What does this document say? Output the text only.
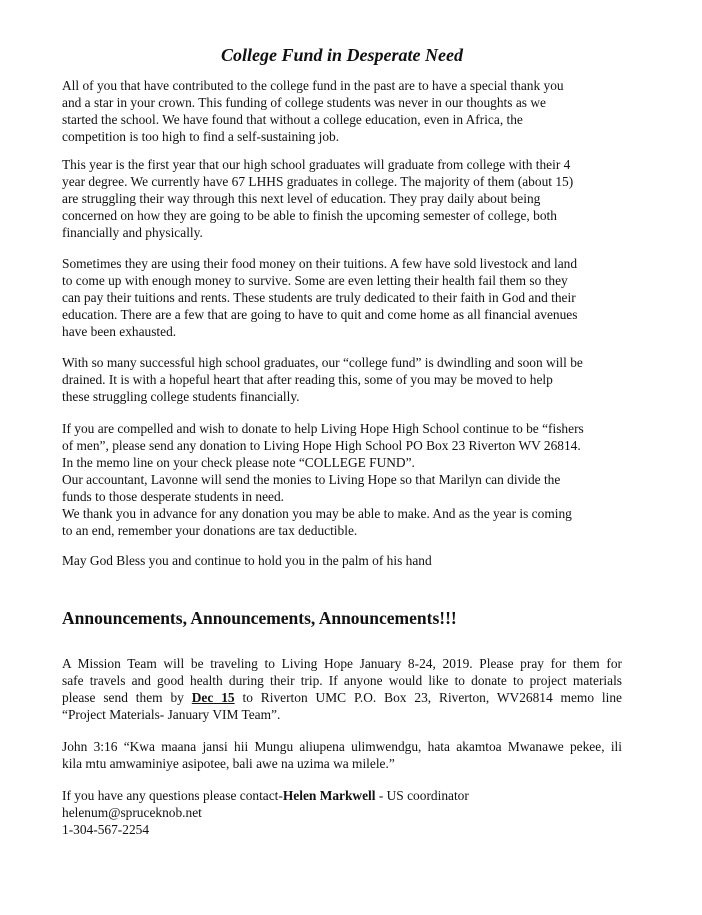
College Fund in Desperate Need
All of you that have contributed to the college fund in the past are to have a special thank you
and a star in your crown. This funding of college students was never in our thoughts as we
started the school. We have found that without a college education, even in Africa, the
competition is too high to find a self-sustaining job.
This year is the first year that our high school graduates will graduate from college with their 4
year degree. We currently have 67 LHHS graduates in college. The majority of them (about 15)
are struggling their way through this next level of education. They pray daily about being
concerned on how they are going to be able to finish the upcoming semester of college, both
financially and physically.
Sometimes they are using their food money on their tuitions. A few have sold livestock and land
to come up with enough money to survive. Some are even letting their health fail them so they
can pay their tuitions and rents. These students are truly dedicated to their faith in God and their
education. There are a few that are going to have to quit and come home as all financial avenues
have been exhausted.
With so many successful high school graduates, our “college fund” is dwindling and soon will be
drained. It is with a hopeful heart that after reading this, some of you may be moved to help
these struggling college students financially.
If you are compelled and wish to donate to help Living Hope High School continue to be “fishers
of men”, please send any donation to Living Hope High School PO Box 23 Riverton WV 26814.
In the memo line on your check please note “COLLEGE FUND”.
Our accountant, Lavonne will send the monies to Living Hope so that Marilyn can divide the
funds to those desperate students in need.
We thank you in advance for any donation you may be able to make. And as the year is coming
to an end, remember your donations are tax deductible.
May God Bless you and continue to hold you in the palm of his hand
Announcements, Announcements, Announcements!!!
A Mission Team will be traveling to Living Hope January 8-24, 2019. Please pray for them for
safe travels and good health during their trip. If anyone would like to donate to project materials
please send them by Dec 15 to Riverton UMC P.O. Box 23, Riverton, WV26814 memo line
“Project Materials- January VIM Team”.
John 3:16 “Kwa maana jansi hii Mungu aliupena ulimwendgu, hata akamtoa Mwanawe pekee, ili
kila mtu amwaminiye asipotee, bali awe na uzima wa milele.”
If you have any questions please contact-Helen Markwell - US coordinator
helenum@spruceknob.net
1-304-567-2254
